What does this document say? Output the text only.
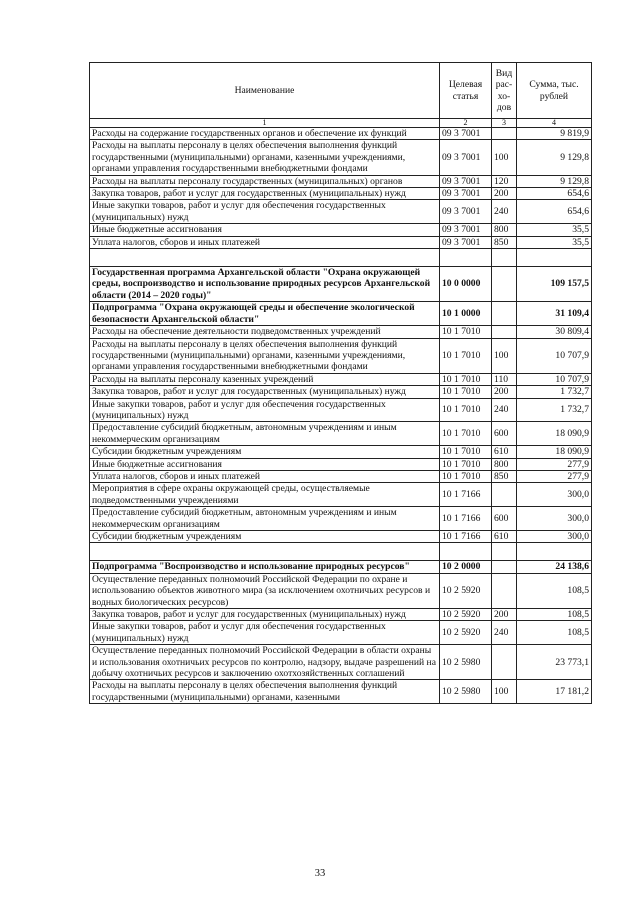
Наименование	Целевая статья	Вид рас- хо- дов	Сумма, тыс. рублей
1	2	3	4
Расходы на содержание государственных органов и обеспечение их функций	09 3 7001		9 819,9
Расходы на выплаты персоналу в целях обеспечения выполнения функций государственными (муниципальными) органами, казенными учреждениями, органами управления государственными внебюджетными фондами	09 3 7001	100	9 129,8
Расходы на выплаты персоналу государственных (муниципальных) органов	09 3 7001	120	9 129,8
Закупка товаров, работ и услуг для государственных (муниципальных) нужд	09 3 7001	200	654,6
Иные закупки товаров, работ и услуг для обеспечения государственных (муниципальных) нужд	09 3 7001	240	654,6
Иные бюджетные ассигнования	09 3 7001	800	35,5
Уплата налогов, сборов и иных платежей	09 3 7001	850	35,5

Государственная программа Архангельской области "Охрана окружающей среды, воспроизводство и использование природных ресурсов Архангельской области (2014 – 2020 годы)"	10 0 0000		109 157,5
Подпрограмма "Охрана окружающей среды и обеспечение экологической безопасности Архангельской области"	10 1 0000		31 109,4
Расходы на обеспечение деятельности подведомственных учреждений	10 1 7010		30 809,4
Расходы на выплаты персоналу в целях обеспечения выполнения функций государственными (муниципальными) органами, казенными учреждениями, органами управления государственными внебюджетными фондами	10 1 7010	100	10 707,9
Расходы на выплаты персоналу казенных учреждений	10 1 7010	110	10 707,9
Закупка товаров, работ и услуг для государственных (муниципальных) нужд	10 1 7010	200	1 732,7
Иные закупки товаров, работ и услуг для обеспечения государственных (муниципальных) нужд	10 1 7010	240	1 732,7
Предоставление субсидий бюджетным, автономным учреждениям и иным некоммерческим организациям	10 1 7010	600	18 090,9
Субсидии бюджетным учреждениям	10 1 7010	610	18 090,9
Иные бюджетные ассигнования	10 1 7010	800	277,9
Уплата налогов, сборов и иных платежей	10 1 7010	850	277,9
Мероприятия в сфере охраны окружающей среды, осуществляемые подведомственными учреждениями	10 1 7166		300,0
Предоставление субсидий бюджетным, автономным учреждениям и иным некоммерческим организациям	10 1 7166	600	300,0
Субсидии бюджетным учреждениям	10 1 7166	610	300,0

Подпрограмма "Воспроизводство и использование природных ресурсов"	10 2 0000		24 138,6
Осуществление переданных полномочий Российской Федерации по охране и использованию объектов животного мира (за исключением охотничьих ресурсов и водных биологических ресурсов)	10 2 5920		108,5
Закупка товаров, работ и услуг для государственных (муниципальных) нужд	10 2 5920	200	108,5
Иные закупки товаров, работ и услуг для обеспечения государственных (муниципальных) нужд	10 2 5920	240	108,5
Осуществление переданных полномочий Российской Федерации в области охраны и использования охотничьих ресурсов по контролю, надзору, выдаче разрешений на добычу охотничьих ресурсов и заключению охотхозяйственных соглашений	10 2 5980		23 773,1
Расходы на выплаты персоналу в целях обеспечения выполнения функций государственными (муниципальными) органами, казенными	10 2 5980	100	17 181,2
33
